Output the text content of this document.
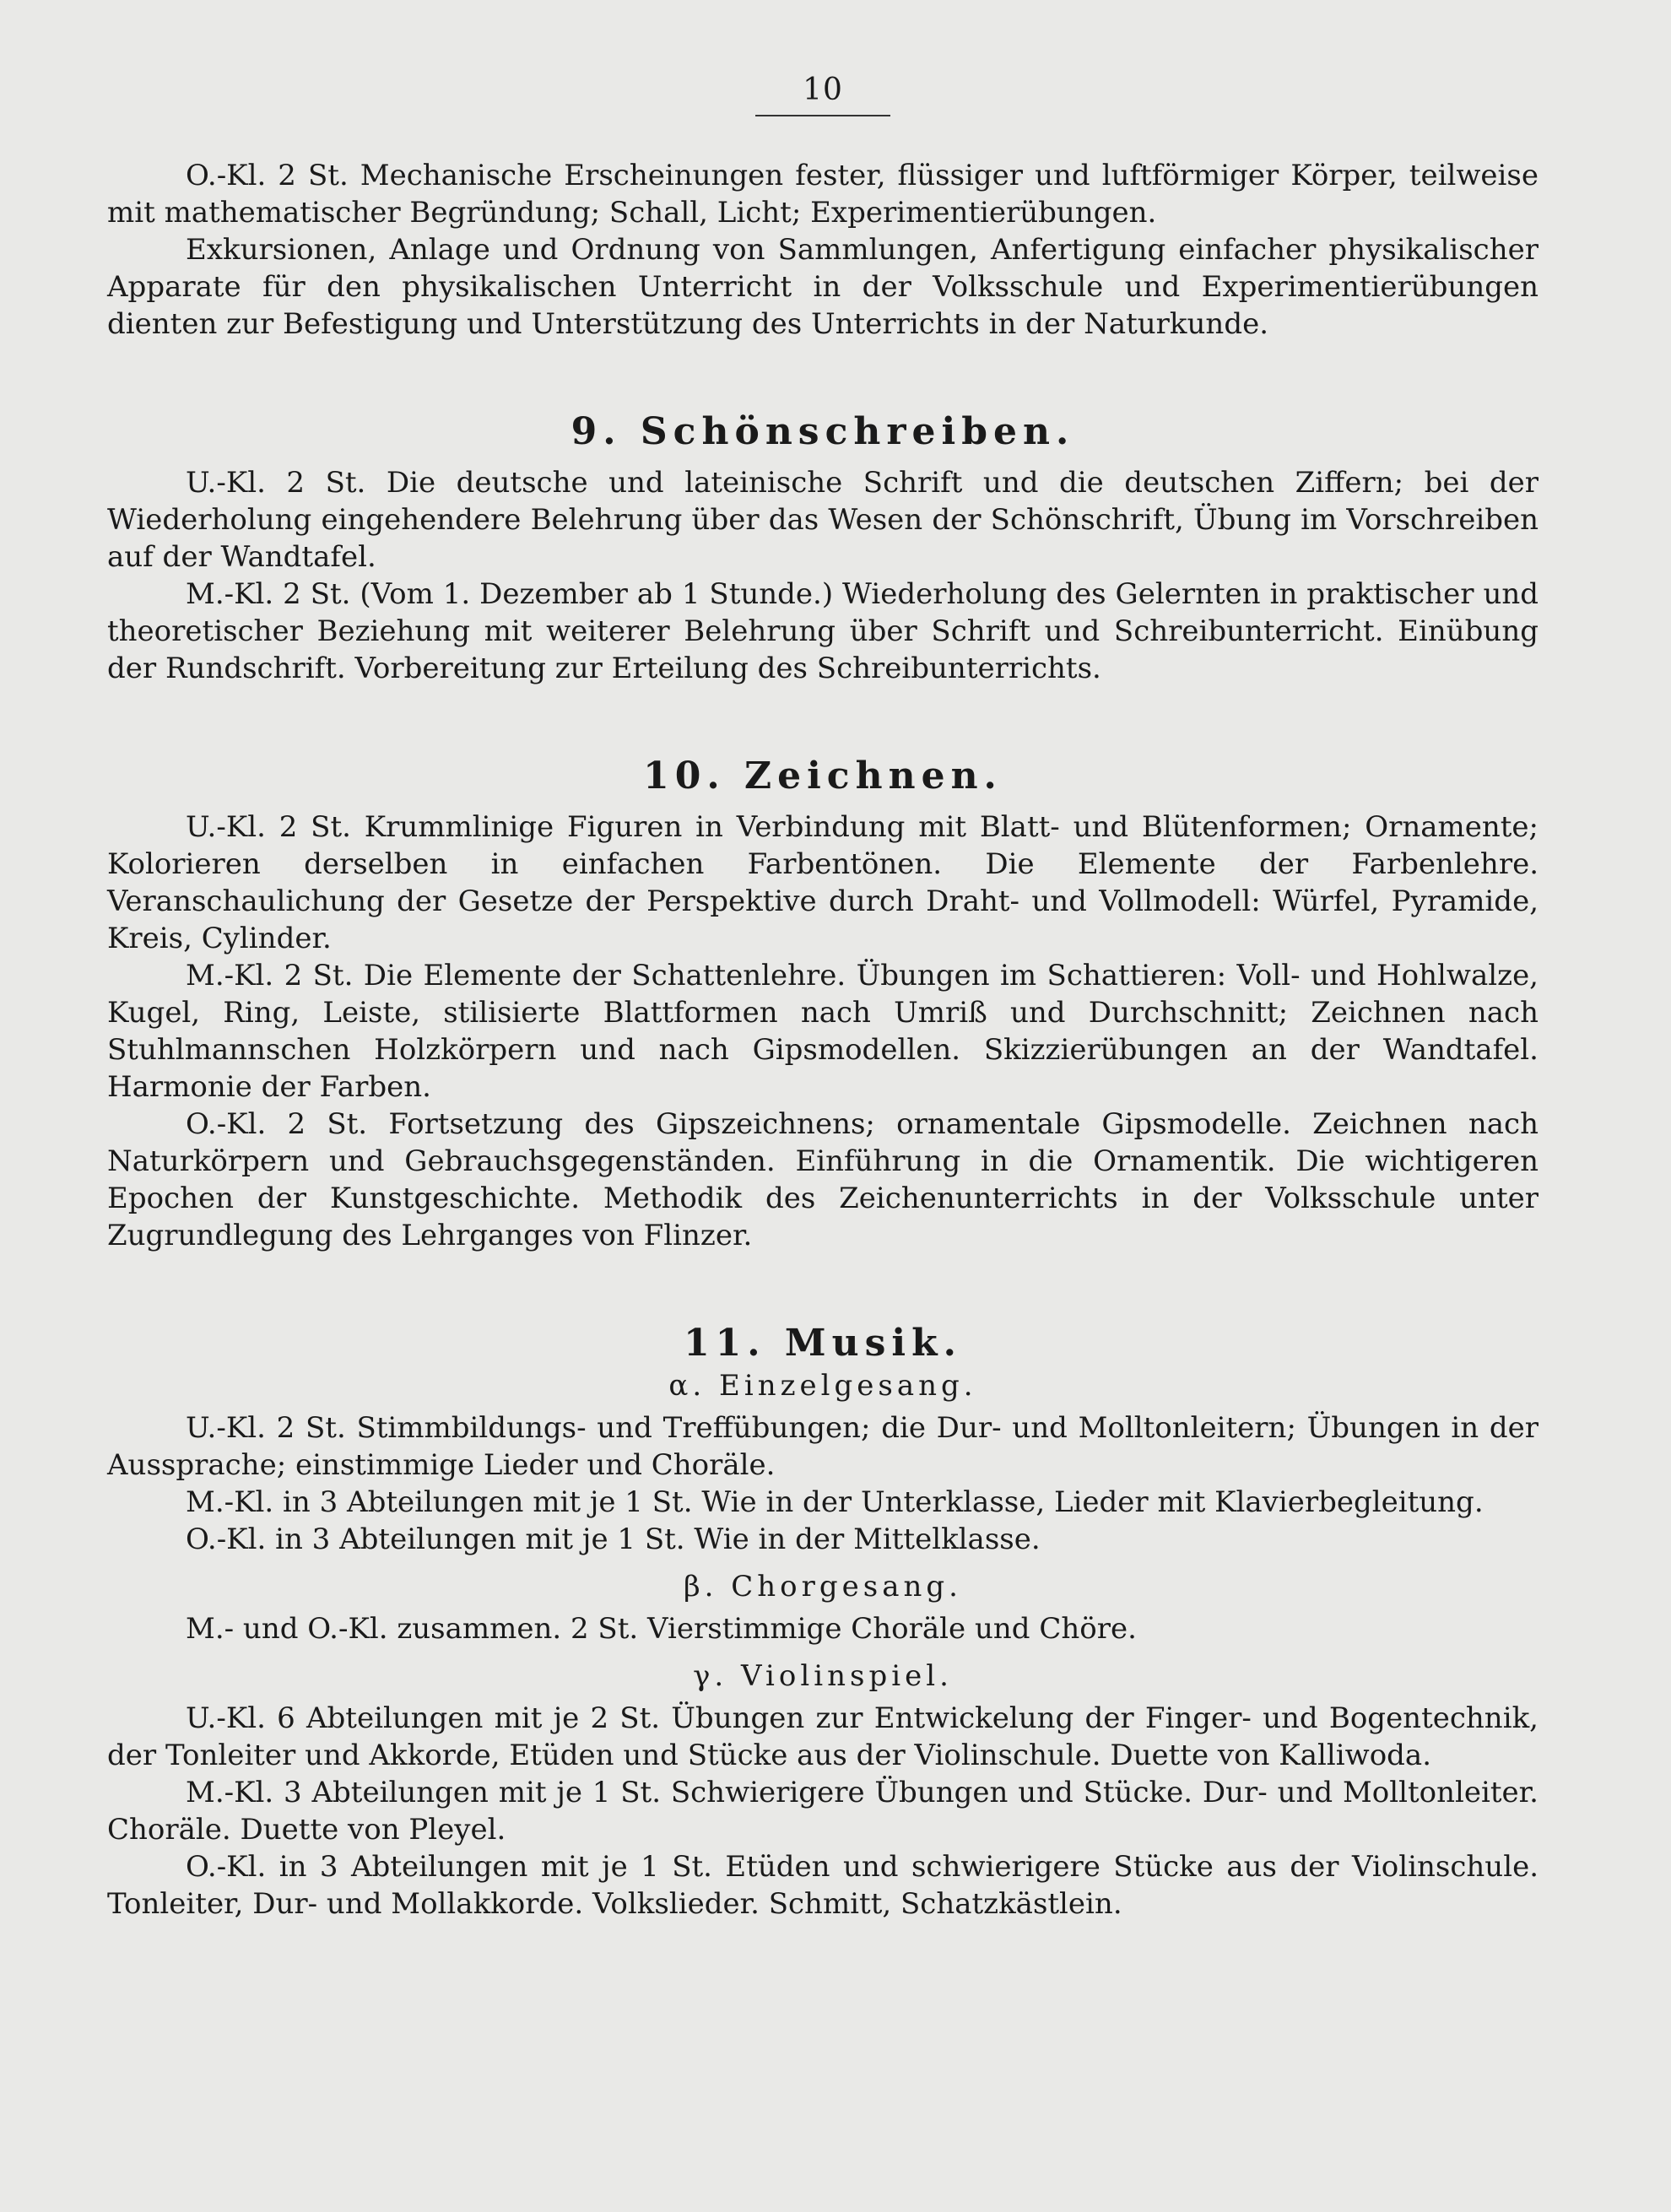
10

O.-Kl. 2 St. Mechanische Erscheinungen fester, flüssiger und luftförmiger Körper, teilweise mit mathematischer Begründung; Schall, Licht; Experimentierübungen.

Exkursionen, Anlage und Ordnung von Sammlungen, Anfertigung einfacher physikalischer Apparate für den physikalischen Unterricht in der Volksschule und Experimentierübungen dienten zur Befestigung und Unterstützung des Unterrichts in der Naturkunde.

9. Schönschreiben.

U.-Kl. 2 St. Die deutsche und lateinische Schrift und die deutschen Ziffern; bei der Wiederholung eingehendere Belehrung über das Wesen der Schönschrift, Übung im Vorschreiben auf der Wandtafel.

M.-Kl. 2 St. (Vom 1. Dezember ab 1 Stunde.) Wiederholung des Gelernten in praktischer und theoretischer Beziehung mit weiterer Belehrung über Schrift und Schreibunterricht. Einübung der Rundschrift. Vorbereitung zur Erteilung des Schreibunterrichts.

10. Zeichnen.

U.-Kl. 2 St. Krummlinige Figuren in Verbindung mit Blatt- und Blütenformen; Ornamente; Kolorieren derselben in einfachen Farbentönen. Die Elemente der Farbenlehre. Veranschaulichung der Gesetze der Perspektive durch Draht- und Vollmodell: Würfel, Pyramide, Kreis, Cylinder.

M.-Kl. 2 St. Die Elemente der Schattenlehre. Übungen im Schattieren: Voll- und Hohlwalze, Kugel, Ring, Leiste, stilisierte Blattformen nach Umriß und Durchschnitt; Zeichnen nach Stuhlmannschen Holzkörpern und nach Gipsmodellen. Skizzierübungen an der Wandtafel. Harmonie der Farben.

O.-Kl. 2 St. Fortsetzung des Gipszeichnens; ornamentale Gipsmodelle. Zeichnen nach Naturkörpern und Gebrauchsgegenständen. Einführung in die Ornamentik. Die wichtigeren Epochen der Kunstgeschichte. Methodik des Zeichenunterrichts in der Volksschule unter Zugrundlegung des Lehrganges von Flinzer.

11. Musik.
α. Einzelgesang.

U.-Kl. 2 St. Stimmbildungs- und Treffübungen; die Dur- und Molltonleitern; Übungen in der Aussprache; einstimmige Lieder und Choräle.

M.-Kl. in 3 Abteilungen mit je 1 St. Wie in der Unterklasse, Lieder mit Klavierbegleitung.

O.-Kl. in 3 Abteilungen mit je 1 St. Wie in der Mittelklasse.

β. Chorgesang.

M.- und O.-Kl. zusammen. 2 St. Vierstimmige Choräle und Chöre.

γ. Violinspiel.

U.-Kl. 6 Abteilungen mit je 2 St. Übungen zur Entwickelung der Finger- und Bogentechnik, der Tonleiter und Akkorde, Etüden und Stücke aus der Violinschule. Duette von Kalliwoda.

M.-Kl. 3 Abteilungen mit je 1 St. Schwierigere Übungen und Stücke. Dur- und Molltonleiter. Choräle. Duette von Pleyel.

O.-Kl. in 3 Abteilungen mit je 1 St. Etüden und schwierigere Stücke aus der Violinschule. Tonleiter, Dur- und Mollakkorde. Volkslieder. Schmitt, Schatzkästlein.
